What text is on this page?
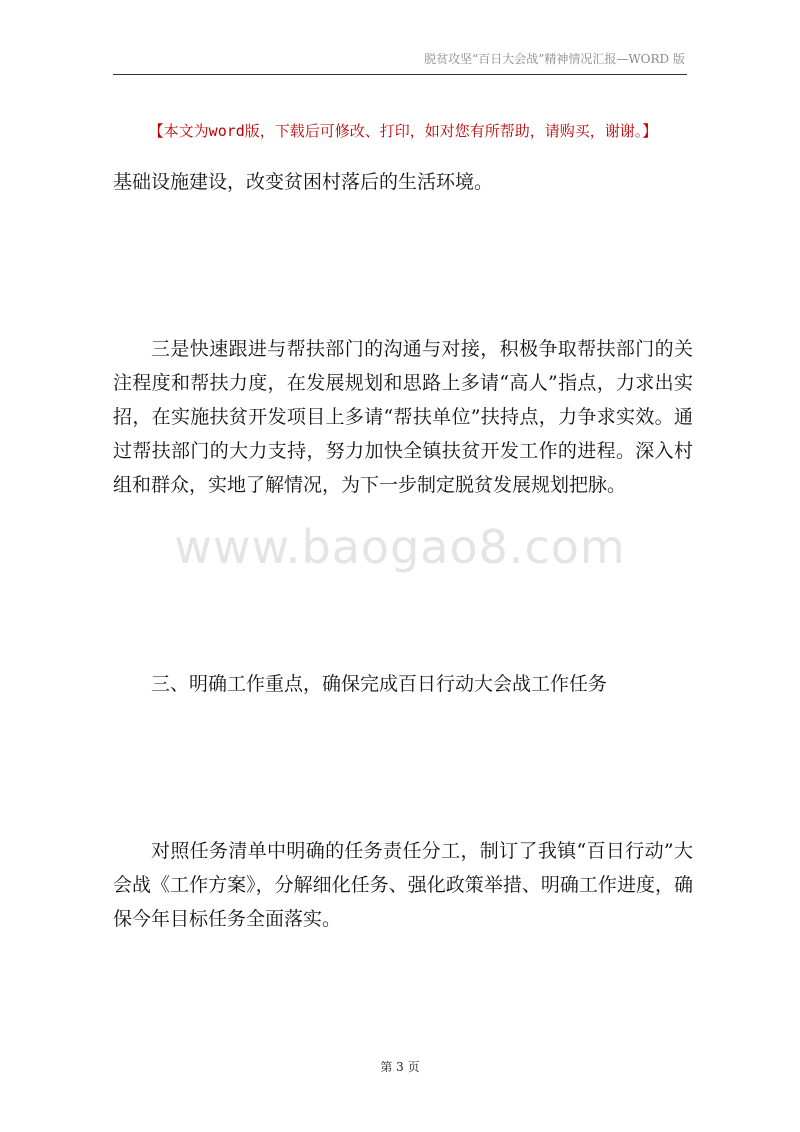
脱贫攻坚“百日大会战”精神情况汇报—WORD 版
【本文为word版，下载后可修改、打印，如对您有所帮助，请购买，谢谢。】

基础设施建设，改变贫困村落后的生活环境。

三是快速跟进与帮扶部门的沟通与对接，积极争取帮扶部门的关注程度和帮扶力度，在发展规划和思路上多请“高人”指点，力求出实招，在实施扶贫开发项目上多请“帮扶单位”扶持点，力争求实效。通过帮扶部门的大力支持，努力加快全镇扶贫开发工作的进程。深入村组和群众，实地了解情况，为下一步制定脱贫发展规划把脉。

www.baogao8.com

三、明确工作重点，确保完成百日行动大会战工作任务

对照任务清单中明确的任务责任分工，制订了我镇“百日行动”大会战《工作方案》，分解细化任务、强化政策举措、明确工作进度，确保今年目标任务全面落实。

第 3 页
